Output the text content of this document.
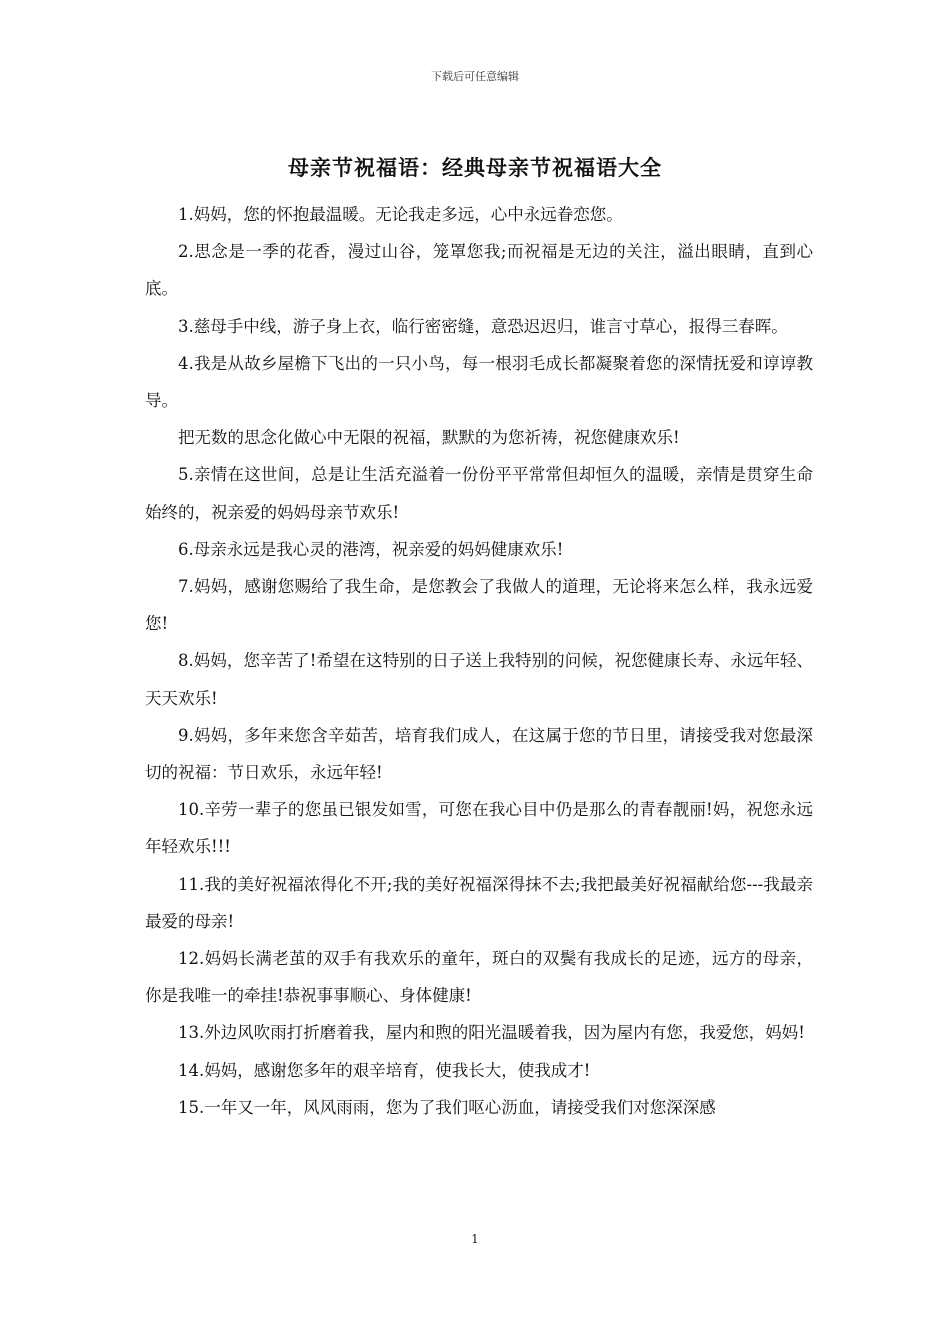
下载后可任意编辑
母亲节祝福语：经典母亲节祝福语大全

1.妈妈，您的怀抱最温暖。无论我走多远，心中永远眷恋您。

2.思念是一季的花香，漫过山谷，笼罩您我;而祝福是无边的关注，溢出眼睛，直到心底。

3.慈母手中线，游子身上衣，临行密密缝，意恐迟迟归，谁言寸草心，报得三春晖。

4.我是从故乡屋檐下飞出的一只小鸟，每一根羽毛成长都凝聚着您的深情抚爱和谆谆教导。

把无数的思念化做心中无限的祝福，默默的为您祈祷，祝您健康欢乐!

5.亲情在这世间，总是让生活充溢着一份份平平常常但却恒久的温暖，亲情是贯穿生命始终的，祝亲爱的妈妈母亲节欢乐!

6.母亲永远是我心灵的港湾，祝亲爱的妈妈健康欢乐!

7.妈妈，感谢您赐给了我生命，是您教会了我做人的道理，无论将来怎么样，我永远爱您!

8.妈妈，您辛苦了!希望在这特别的日子送上我特别的问候，祝您健康长寿、永远年轻、天天欢乐!

9.妈妈，多年来您含辛茹苦，培育我们成人，在这属于您的节日里，请接受我对您最深切的祝福：节日欢乐，永远年轻!

10.辛劳一辈子的您虽已银发如雪，可您在我心目中仍是那么的青春靓丽!妈，祝您永远年轻欢乐!!!

11.我的美好祝福浓得化不开;我的美好祝福深得抹不去;我把最美好祝福献给您---我最亲最爱的母亲!

12.妈妈长满老茧的双手有我欢乐的童年，斑白的双鬓有我成长的足迹，远方的母亲，你是我唯一的牵挂!恭祝事事顺心、身体健康!

13.外边风吹雨打折磨着我，屋内和煦的阳光温暖着我，因为屋内有您，我爱您，妈妈!

14.妈妈，感谢您多年的艰辛培育，使我长大，使我成才!

15.一年又一年，风风雨雨，您为了我们呕心沥血，请接受我们对您深深感

1
